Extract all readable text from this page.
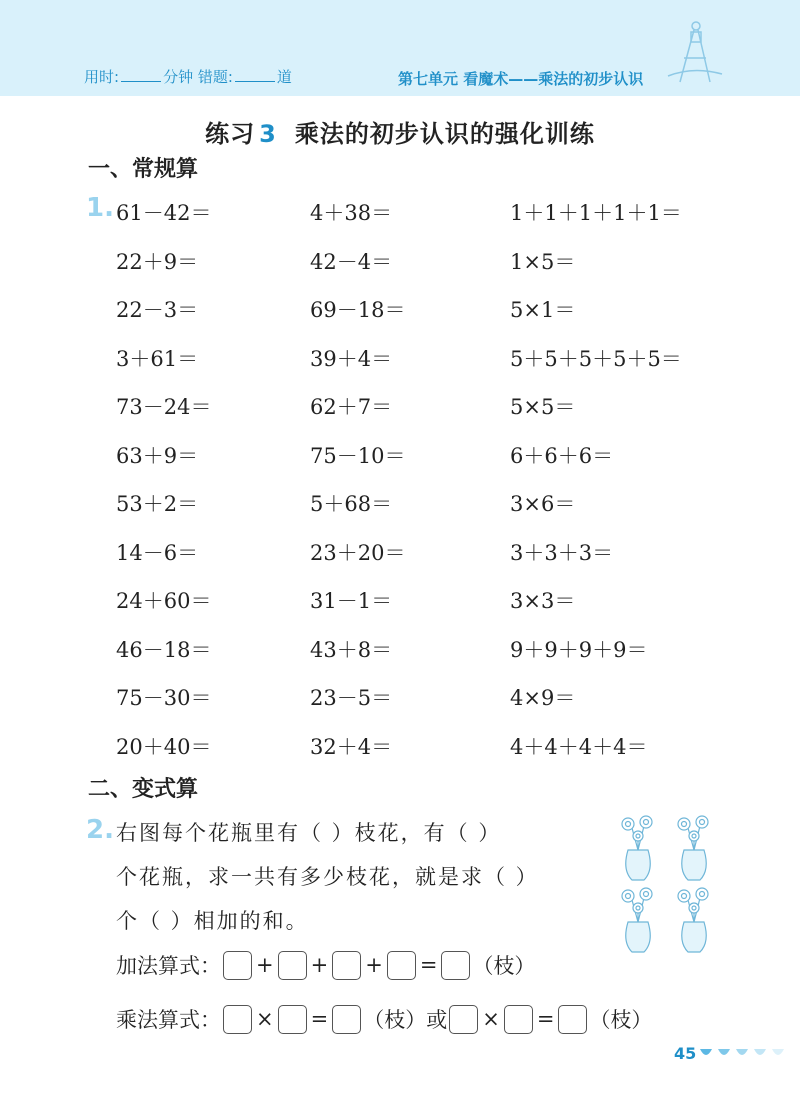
用时:	分钟 错题:	道	第七单元 看魔术——乘法的初步认识
练习 3 乘法的初步认识的强化训练
一、常规算
1. 61－42＝	4＋38＝	1＋1＋1＋1＋1＝
22＋9＝	42－4＝	1×5＝
22－3＝	69－18＝	5×1＝
3＋61＝	39＋4＝	5＋5＋5＋5＋5＝
73－24＝	62＋7＝	5×5＝
63＋9＝	75－10＝	6＋6＋6＝
53＋2＝	5＋68＝	3×6＝
14－6＝	23＋20＝	3＋3＋3＝
24＋60＝	31－1＝	3×3＝
46－18＝	43＋8＝	9＋9＋9＋9＝
75－30＝	23－5＝	4×9＝
20＋40＝	32＋4＝	4＋4＋4＋4＝
二、变式算
2. 右图每个花瓶里有（ ）枝花，有（ ）
个花瓶，求一共有多少枝花，就是求（ ）
个（ ）相加的和。
加法算式： + + + = （枝）
乘法算式： × = （枝） 或 × = （枝）
45
